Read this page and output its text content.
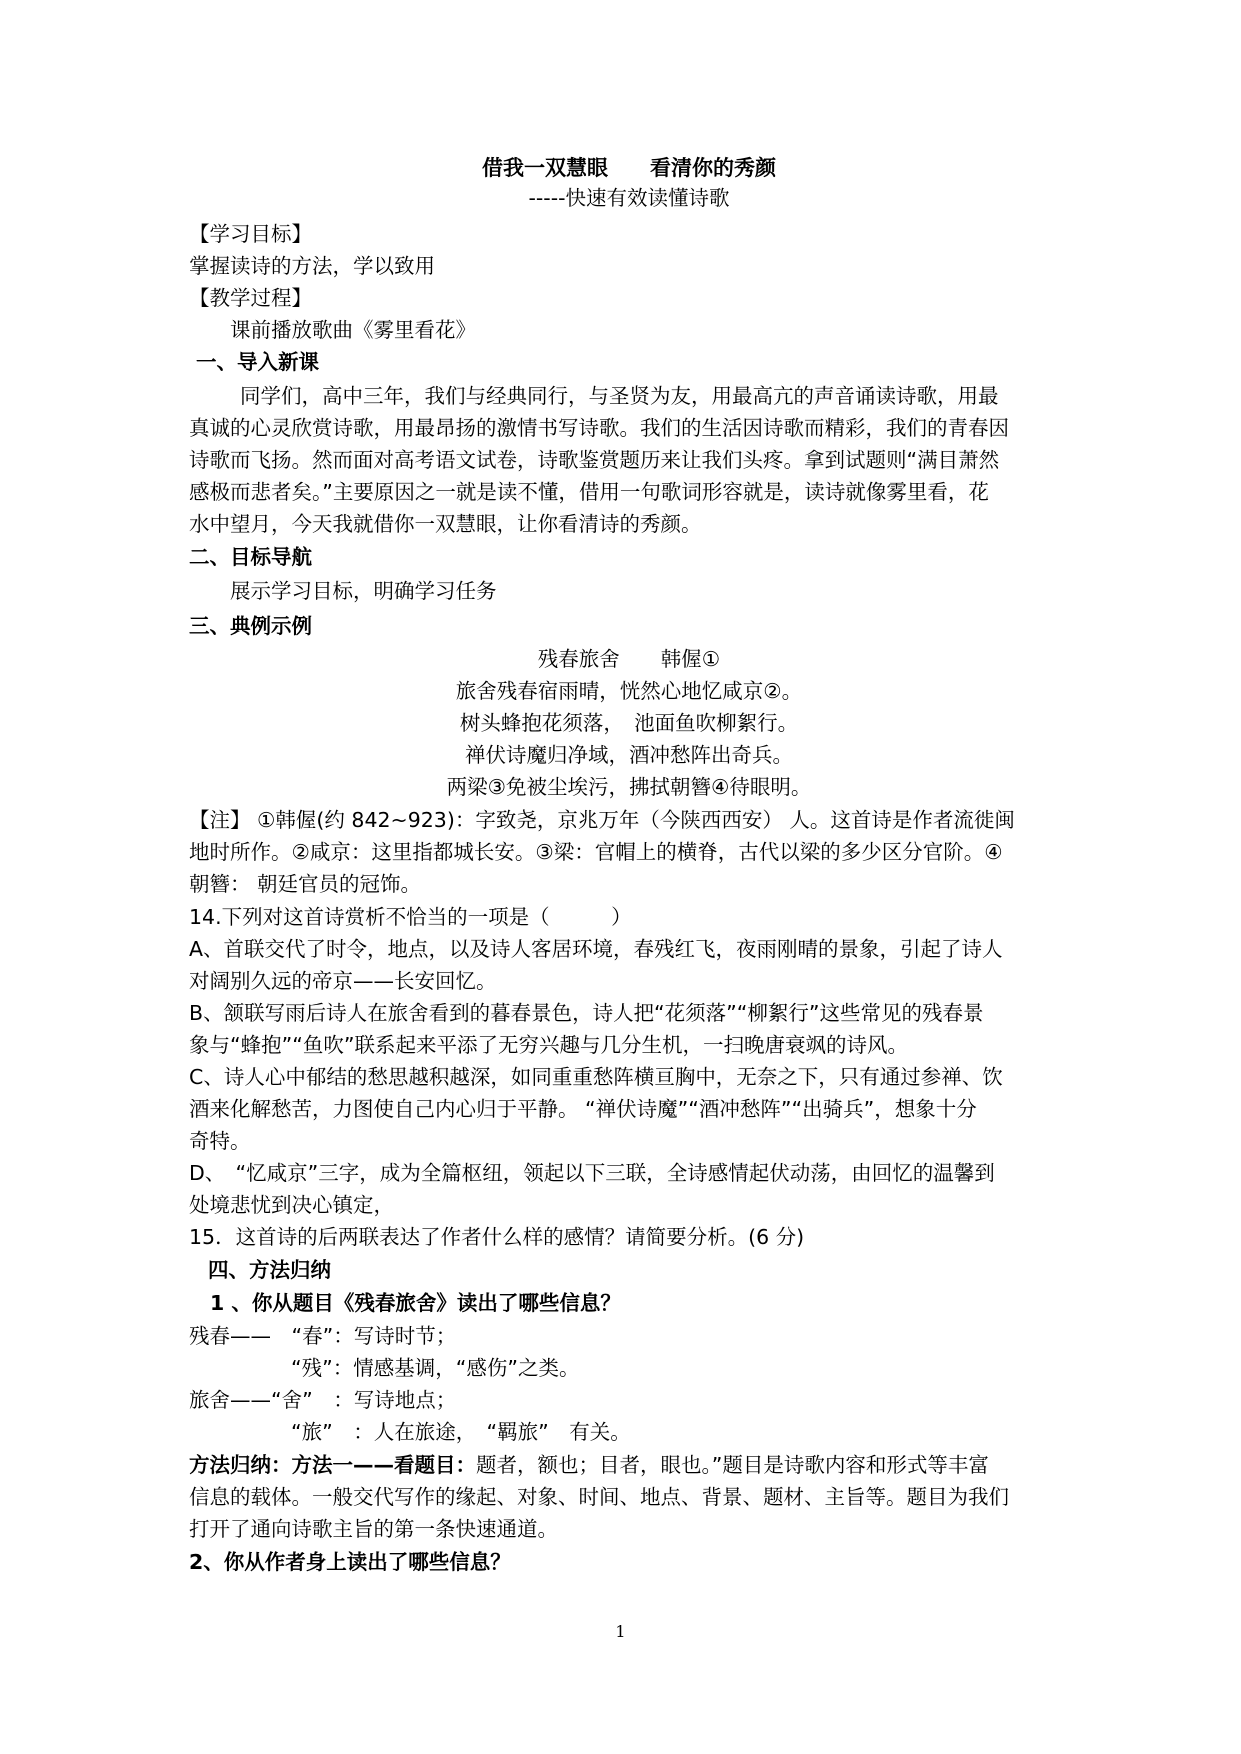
借我一双慧眼　　看清你的秀颜

-----快速有效读懂诗歌

【学习目标】

掌握读诗的方法，学以致用

【教学过程】

课前播放歌曲《雾里看花》

一、导入新课

同学们，高中三年，我们与经典同行，与圣贤为友，用最高亢的声音诵读诗歌，用最

真诚的心灵欣赏诗歌，用最昂扬的激情书写诗歌。我们的生活因诗歌而精彩，我们的青春因

诗歌而飞扬。然而面对高考语文试卷，诗歌鉴赏题历来让我们头疼。拿到试题则“满目萧然

感极而悲者矣。”主要原因之一就是读不懂，借用一句歌词形容就是，读诗就像雾里看，花

水中望月，今天我就借你一双慧眼，让你看清诗的秀颜。

二、目标导航

展示学习目标，明确学习任务

三、典例示例

残春旅舍　　韩偓①

旅舍残春宿雨晴，恍然心地忆咸京②。

树头蜂抱花须落，　池面鱼吹柳絮行。

禅伏诗魔归净域，酒冲愁阵出奇兵。

两梁③免被尘埃污，拂拭朝簪④待眼明。

【注】 ①韩偓(约 842~923)：字致尧，京兆万年（今陕西西安） 人。这首诗是作者流徙闽

地时所作。②咸京：这里指都城长安。③梁：官帽上的横脊，古代以梁的多少区分官阶。④

朝簪： 朝廷官员的冠饰。

14.下列对这首诗赏析不恰当的一项是（　　　）

A、首联交代了时令，地点，以及诗人客居环境，春残红飞，夜雨刚晴的景象，引起了诗人

对阔别久远的帝京——长安回忆。

B、颔联写雨后诗人在旅舍看到的暮春景色，诗人把“花须落”“柳絮行”这些常见的残春景

象与“蜂抱”“鱼吹”联系起来平添了无穷兴趣与几分生机，一扫晚唐衰飒的诗风。

C、诗人心中郁结的愁思越积越深，如同重重愁阵横亘胸中，无奈之下，只有通过参禅、饮

酒来化解愁苦，力图使自己内心归于平静。 “禅伏诗魔”“酒冲愁阵”“出骑兵”，想象十分

奇特。

D、　“忆咸京”三字，成为全篇枢纽，领起以下三联，全诗感情起伏动荡，由回忆的温馨到

处境悲忧到决心镇定，

15．这首诗的后两联表达了作者什么样的感情？请简要分析。(6 分)

四、方法归纳

1 、你从题目《残春旅舍》读出了哪些信息？

残春——　“春”：写诗时节；

“残”：情感基调，“感伤”之类。

旅舍——“舍”　：写诗地点；

“旅”　：人在旅途，　“羁旅”　有关。

方法归纳：方法一——看题目：题者，额也；目者，眼也。”题目是诗歌内容和形式等丰富

信息的载体。一般交代写作的缘起、对象、时间、地点、背景、题材、主旨等。题目为我们

打开了通向诗歌主旨的第一条快速通道。

2、你从作者身上读出了哪些信息？

1
